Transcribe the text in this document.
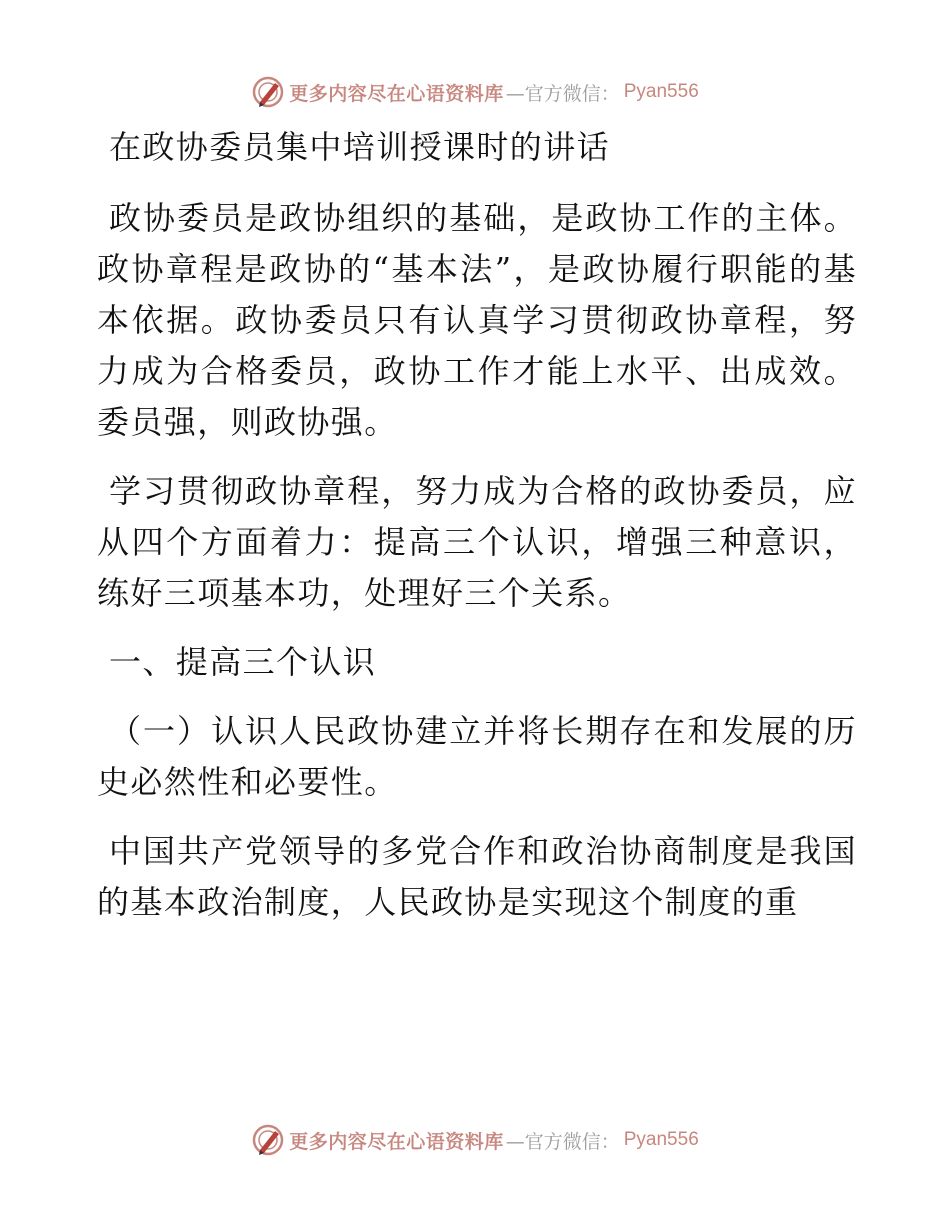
更多内容尽在心语资料库 —官方微信： Pyan556

在政协委员集中培训授课时的讲话

政协委员是政协组织的基础，是政协工作的主体。政协章程是政协的“基本法”，是政协履行职能的基本依据。政协委员只有认真学习贯彻政协章程，努力成为合格委员，政协工作才能上水平、出成效。委员强，则政协强。

学习贯彻政协章程，努力成为合格的政协委员，应从四个方面着力：提高三个认识，增强三种意识，练好三项基本功，处理好三个关系。

一、提高三个认识

（一）认识人民政协建立并将长期存在和发展的历史必然性和必要性。

中国共产党领导的多党合作和政治协商制度是我国的基本政治制度，人民政协是实现这个制度的重

更多内容尽在心语资料库 —官方微信： Pyan556
